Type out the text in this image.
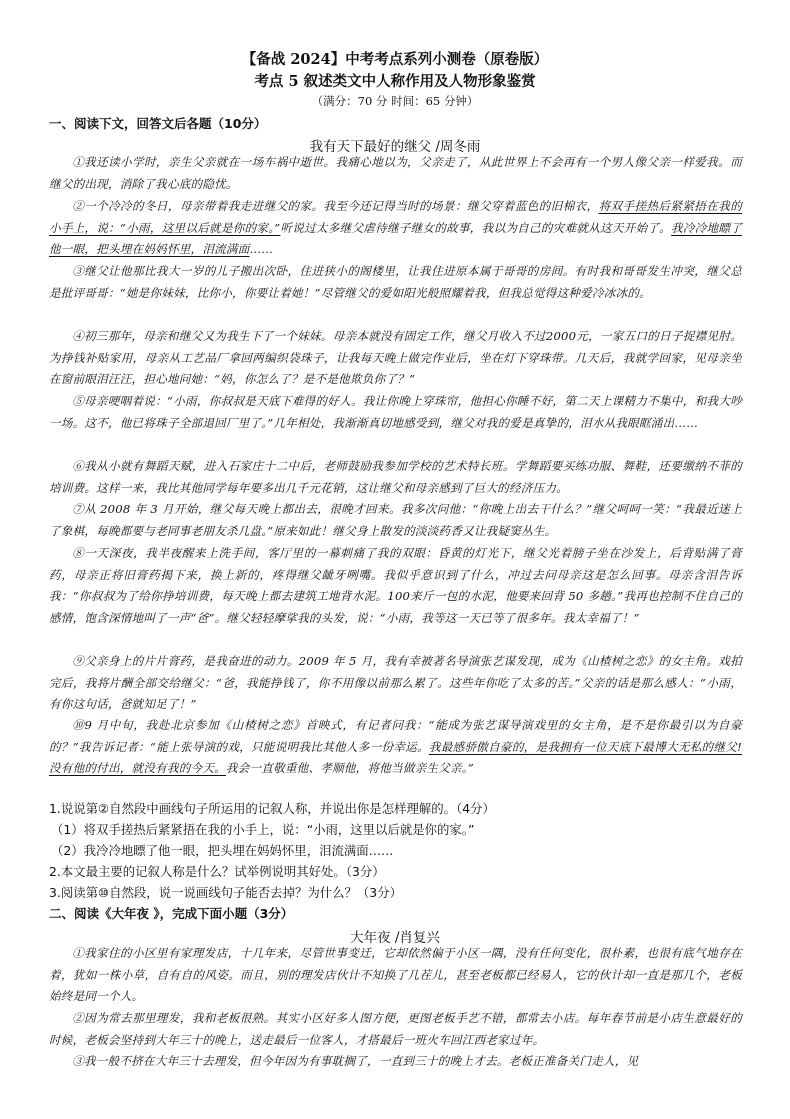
【备战 2024】中考考点系列小测卷（原卷版）
考点 5 叙述类文中人称作用及人物形象鉴赏
（满分：70 分 时间：65 分钟）
一、阅读下文，回答文后各题（10分）
我有天下最好的继父 /周冬雨
①我还读小学时，亲生父亲就在一场车祸中逝世。我痛心地以为，父亲走了，从此世界上不会再有一个男人像父亲一样爱我。而继父的出现，消除了我心底的隐忧。
②一个冷冷的冬日，母亲带着我走进继父的家。我至今还记得当时的场景：继父穿着蓝色的旧棉衣，将双手搓热后紧紧捂在我的小手上，说：“小雨，这里以后就是你的家。”听说过太多继父虐待继子继女的故事，我以为自己的灾难就从这天开始了。我冷冷地瞟了他一眼，把头埋在妈妈怀里，泪流满面……
③继父让他那比我大一岁的儿子搬出次卧，住进狭小的阁楼里，让我住进原本属于哥哥的房间。有时我和哥哥发生冲突，继父总是批评哥哥：“她是你妹妹，比你小，你要让着她！”尽管继父的爱如阳光般照耀着我，但我总觉得这种爱冷冰冰的。
④初三那年，母亲和继父又为我生下了一个妹妹。母亲本就没有固定工作，继父月收入不过2000元，一家五口的日子捉襟见肘。为挣钱补贴家用，母亲从工艺品厂拿回两编织袋珠子，让我每天晚上做完作业后，坐在灯下穿珠带。几天后，我就学回家，见母亲坐在窗前眼泪汪汪，担心地问她：“妈，你怎么了？是不是他欺负你了？”
⑤母亲哽咽着说：“小雨，你叔叔是天底下难得的好人。我让你晚上穿珠帘，他担心你睡不好，第二天上课精力不集中，和我大吵一场。这不，他已将珠子全部退回厂里了。”几年相处，我渐渐真切地感受到，继父对我的爱是真挚的，泪水从我眼眶涌出……
⑥我从小就有舞蹈天赋，进入石家庄十二中后，老师鼓励我参加学校的艺术特长班。学舞蹈要买练功服、舞鞋，还要缴纳不菲的培训费。这样一来，我比其他同学每年要多出几千元花销，这让继父和母亲感到了巨大的经济压力。
⑦从 2008 年 3 月开始，继父每天晚上都出去，很晚才回来。我多次问他：“你晚上出去干什么？”继父呵呵一笑：“我最近迷上了象棋，每晚都要与老同事老朋友杀几盘。”原来如此！继父身上散发的淡淡药香又让我疑窦丛生。
⑧一天深夜，我半夜醒来上洗手间，客厅里的一幕刺痛了我的双眼：昏黄的灯光下，继父光着膀子坐在沙发上，后背贴满了膏药，母亲正将旧膏药揭下来，换上新的，疼得继父龇牙咧嘴。我似乎意识到了什么，冲过去问母亲这是怎么回事。母亲含泪告诉我：“你叔叔为了给你挣培训费，每天晚上都去建筑工地背水泥。100来斤一包的水泥，他要来回背 50 多趟。”我再也控制不住自己的感情，饱含深情地叫了一声“爸”。继父轻轻摩挲我的头发，说：“小雨，我等这一天已等了很多年。我太幸福了！”
⑨父亲身上的片片膏药，是我奋进的动力。2009 年 5 月，我有幸被著名导演张艺谋发现，成为《山楂树之恋》的女主角。戏拍完后，我将片酬全部交给继父：“爸，我能挣钱了，你不用像以前那么累了。这些年你吃了太多的苦。”父亲的话是那么感人：“小雨，有你这句话，爸就知足了！”
⑩9 月中旬，我赴北京参加《山楂树之恋》首映式，有记者问我：“能成为张艺谋导演戏里的女主角，是不是你最引以为自豪的？”我告诉记者：“能上张导演的戏，只能说明我比其他人多一份幸运。我最感骄傲自豪的，是我拥有一位天底下最博大无私的继父!没有他的付出，就没有我的今天。我会一直敬重他、孝顺他，将他当做亲生父亲。”
1.说说第②自然段中画线句子所运用的记叙人称，并说出你是怎样理解的。（4分）
（1）将双手搓热后紧紧捂在我的小手上，说：“小雨，这里以后就是你的家。”
（2）我冷冷地瞟了他一眼，把头埋在妈妈怀里，泪流满面……
2.本文最主要的记叙人称是什么？试举例说明其好处。（3分）
3.阅读第⑩自然段，说一说画线句子能否去掉？为什么？（3分）
二、阅读《大年夜 》，完成下面小题（3分）
大年夜 /肖复兴
①我家住的小区里有家理发店，十几年来，尽管世事变迁，它却依然偏于小区一隅，没有任何变化，很朴素，也很有底气地存在着，犹如一株小草，自有自的风姿。而且，别的理发店伙计不知换了几茬儿，甚至老板都已经易人，它的伙计却一直是那几个，老板始终是同一个人。
②因为常去那里理发，我和老板很熟。其实小区好多人图方便，更图老板手艺不错，都常去小店。每年春节前是小店生意最好的时候，老板会坚持到大年三十的晚上，送走最后一位客人，才搭最后一班火车回江西老家过年。
③我一般不挤在大年三十去理发，但今年因为有事耽搁了，一直到三十的晚上才去。老板正准备关门走人，见
